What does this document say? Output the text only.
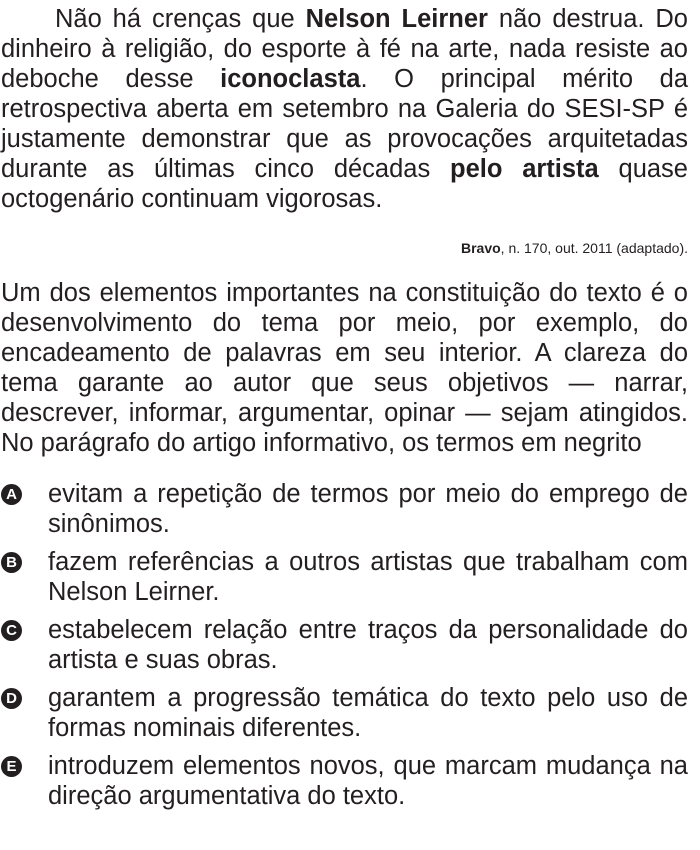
Não há crenças que Nelson Leirner não destrua. Do dinheiro à religião, do esporte à fé na arte, nada resiste ao deboche desse iconoclasta. O principal mérito da retrospectiva aberta em setembro na Galeria do SESI-SP é justamente demonstrar que as provocações arquitetadas durante as últimas cinco décadas pelo artista quase octogenário continuam vigorosas.

Bravo, n. 170, out. 2011 (adaptado).

Um dos elementos importantes na constituição do texto é o desenvolvimento do tema por meio, por exemplo, do encadeamento de palavras em seu interior. A clareza do tema garante ao autor que seus objetivos — narrar, descrever, informar, argumentar, opinar — sejam atingidos. No parágrafo do artigo informativo, os termos em negrito

A evitam a repetição de termos por meio do emprego de sinônimos.
B fazem referências a outros artistas que trabalham com Nelson Leirner.
C estabelecem relação entre traços da personalidade do artista e suas obras.
D garantem a progressão temática do texto pelo uso de formas nominais diferentes.
E introduzem elementos novos, que marcam mudança na direção argumentativa do texto.
